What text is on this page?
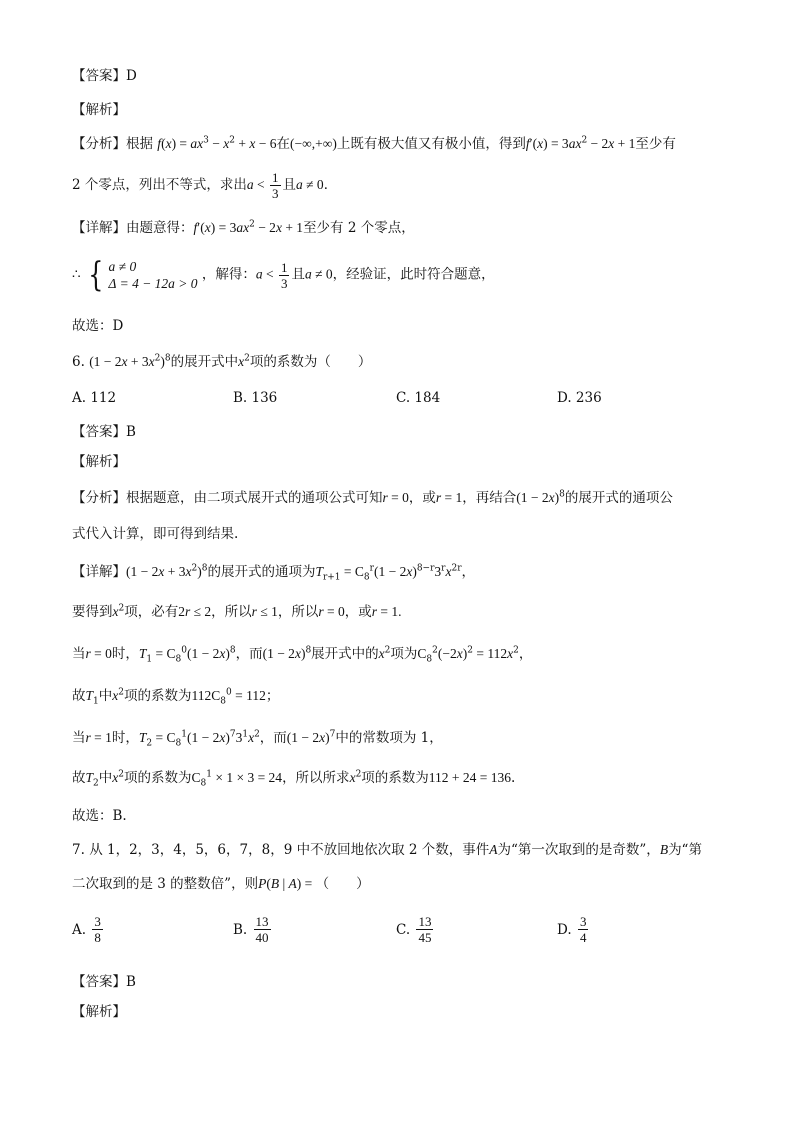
【答案】D
【解析】
【分析】根据 $f(x) = ax^3 - x^2 + x - 6$在(−∞,+∞)上既有极大值又有极小值，得到$f'(x) = 3ax^2 - 2x + 1$至少有
2 个零点，列出不等式，求出$a < \frac{1}{3}$ 且a ≠ 0．
【详解】由题意得：$f'(x) = 3ax^2 - 2x + 1$至少有 2 个零点，
∴ { a ≠ 0
Δ = 4 − 12a > 0
，解得：$a < \frac{1}{3}$ 且a ≠ 0，经验证，此时符合题意，
故选：D
6. $(1 - 2x + 3x^2)^8$的展开式中$x^2$项的系数为（　　）
A. 112	B. 136	C. 184	D. 236
【答案】B
【解析】
【分析】根据题意，由二项式展开式的通项公式可知r = 0，或r = 1，再结合$(1 - 2x)^8$的展开式的通项公
式代入计算，即可得到结果.
【详解】$(1 - 2x + 3x^2)^8$的展开式的通项为$T_{r+1} = C_8^r(1 - 2x)^{8-r}3^rx^{2r}$，
要得到$x^2$项，必有2r ≤ 2，所以r ≤ 1，所以r = 0，或r = 1.
当r = 0时，$T_1 = C_8^0(1 - 2x)^8$，而$(1 - 2x)^8$展开式中的$x^2$项为$C_8^2(-2x)^2 = 112x^2$，
故$T_1$中$x^2$项的系数为$112C_8^0 = 112$；
当r = 1时，$T_2 = C_8^1(1 - 2x)^73^1x^2$，而$(1 - 2x)^7$中的常数项为 1，
故$T_2$中$x^2$项的系数为$C_8^1 \times 1 \times 3 = 24$，所以所求$x^2$项的系数为112 + 24 = 136.
故选：B.
7. 从 1，2，3，4，5，6，7，8，9 中不放回地依次取 2 个数，事件A为“第一次取到的是奇数”，B为“第
二次取到的是 3 的整数倍”，则P(B | A) = （　　）
A.
$\frac{3}{8}$	B.
$\frac{13}{40}$	C.
$\frac{13}{45}$	D.
$\frac{3}{4}$
【答案】B
【解析】
